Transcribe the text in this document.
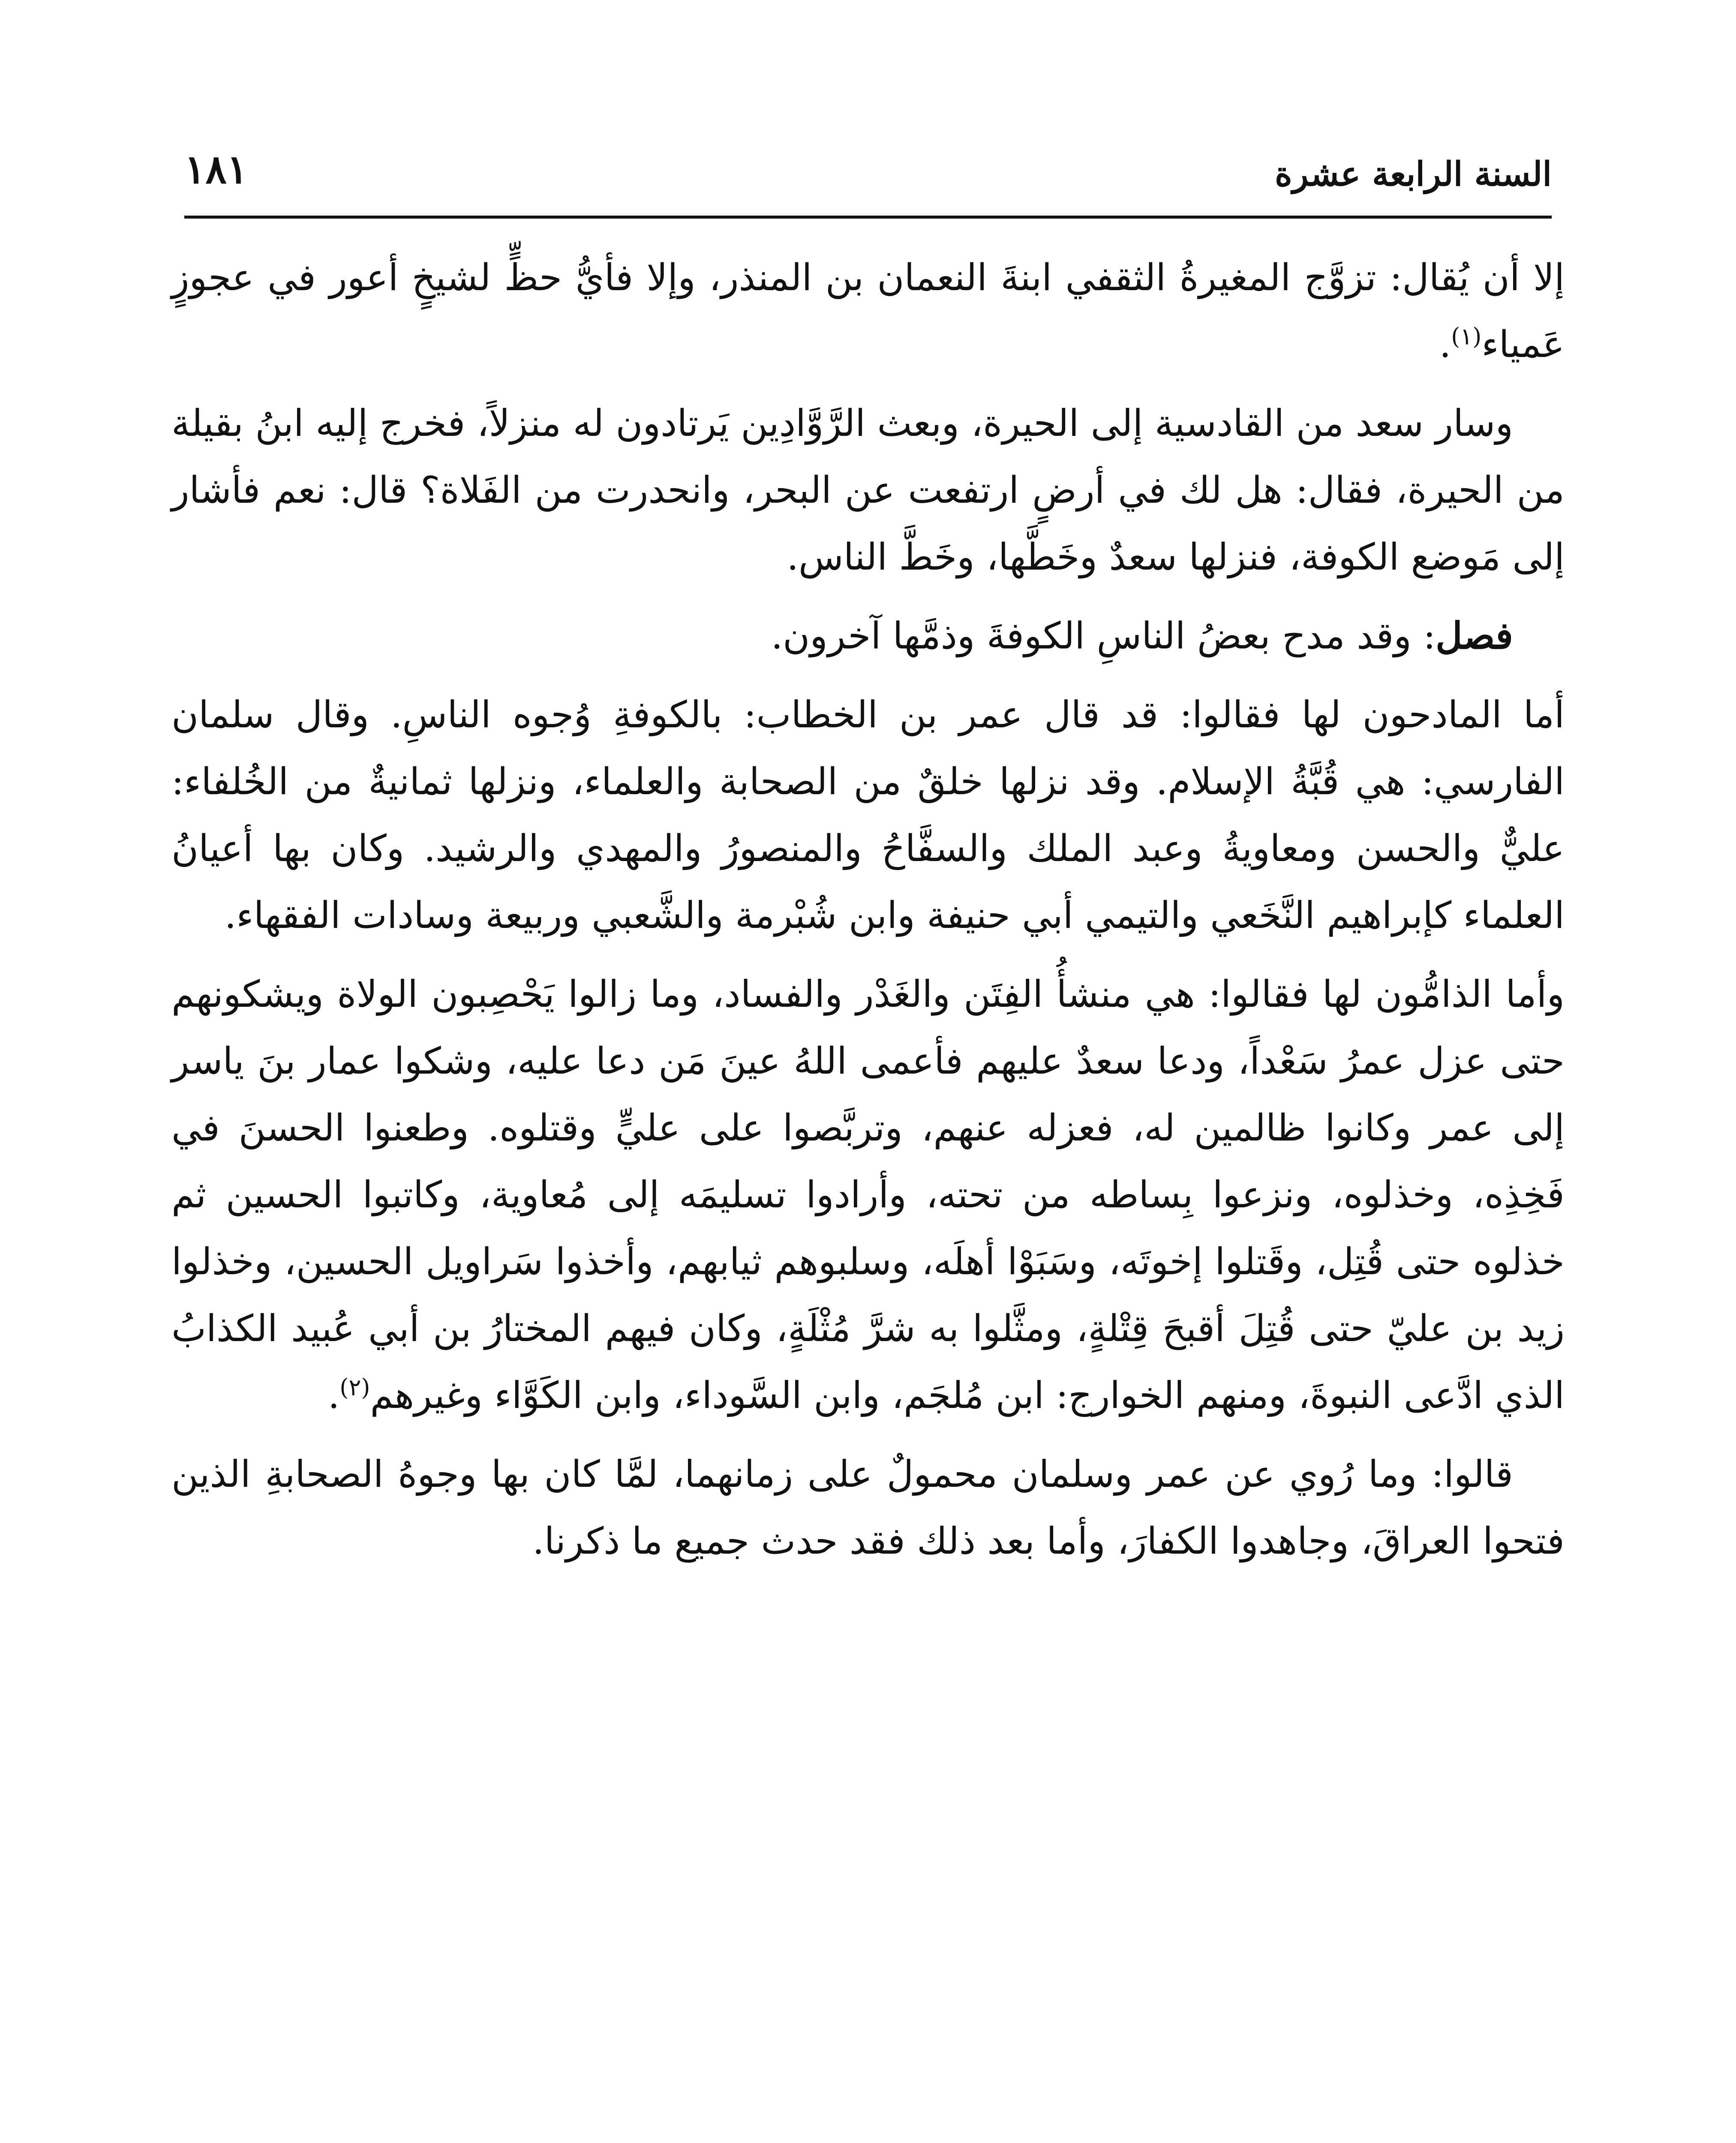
السنة الرابعة عشرة
١٨١

إلا أن يُقال: تزوَّج المغيرةُ الثقفي ابنةَ النعمان بن المنذر، وإلا فأيُّ حظٍّ لشيخٍ أعور في عجوزٍ عَمياء$^{(١)}$.

وسار سعد من القادسية إلى الحيرة، وبعث الرَّوَّادِين يَرتادون له منزلاً، فخرج إليه ابنُ بقيلة من الحيرة، فقال: هل لك في أرضٍ ارتفعت عن البحر، وانحدرت من الفَلاة؟ قال: نعم فأشار إلى مَوضع الكوفة، فنزلها سعدٌ وخَطَّها، وخَطَّ الناس.

فصل: وقد مدح بعضُ الناسِ الكوفةَ وذمَّها آخرون.

أما المادحون لها فقالوا: قد قال عمر بن الخطاب: بالكوفةِ وُجوه الناسِ. وقال سلمان الفارسي: هي قُبَّةُ الإسلام. وقد نزلها خلقٌ من الصحابة والعلماء، ونزلها ثمانيةٌ من الخُلفاء: عليٌّ والحسن ومعاويةُ وعبد الملك والسفَّاحُ والمنصورُ والمهدي والرشيد. وكان بها أعيانُ العلماء كإبراهيم النَّخَعي والتيمي أبي حنيفة وابن شُبْرمة والشَّعبي وربيعة وسادات الفقهاء.

وأما الذامُّون لها فقالوا: هي منشأُ الفِتَن والغَدْر والفساد، وما زالوا يَحْصِبون الولاة ويشكونهم حتى عزل عمرُ سَعْداً، ودعا سعدٌ عليهم فأعمى اللهُ عينَ مَن دعا عليه، وشكوا عمار بنَ ياسر إلى عمر وكانوا ظالمين له، فعزله عنهم، وتربَّصوا على عليٍّ وقتلوه. وطعنوا الحسنَ في فَخِذِه، وخذلوه، ونزعوا بِساطه من تحته، وأرادوا تسليمَه إلى مُعاوية، وكاتبوا الحسين ثم خذلوه حتى قُتِل، وقَتلوا إخوتَه، وسَبَوْا أهلَه، وسلبوهم ثيابهم، وأخذوا سَراويل الحسين، وخذلوا زيد بن عليّ حتى قُتِلَ أقبحَ قِتْلةٍ، ومثَّلوا به شرَّ مُثْلَةٍ، وكان فيهم المختارُ بن أبي عُبيد الكذابُ الذي ادَّعى النبوةَ، ومنهم الخوارج: ابن مُلجَم، وابن السَّوداء، وابن الكَوَّاء وغيرهم$^{(٢)}$.

قالوا: وما رُوي عن عمر وسلمان محمولٌ على زمانهما، لمَّا كان بها وجوهُ الصحابةِ الذين فتحوا العراقَ، وجاهدوا الكفارَ، وأما بعد ذلك فقد حدث جميع ما ذكرنا.
